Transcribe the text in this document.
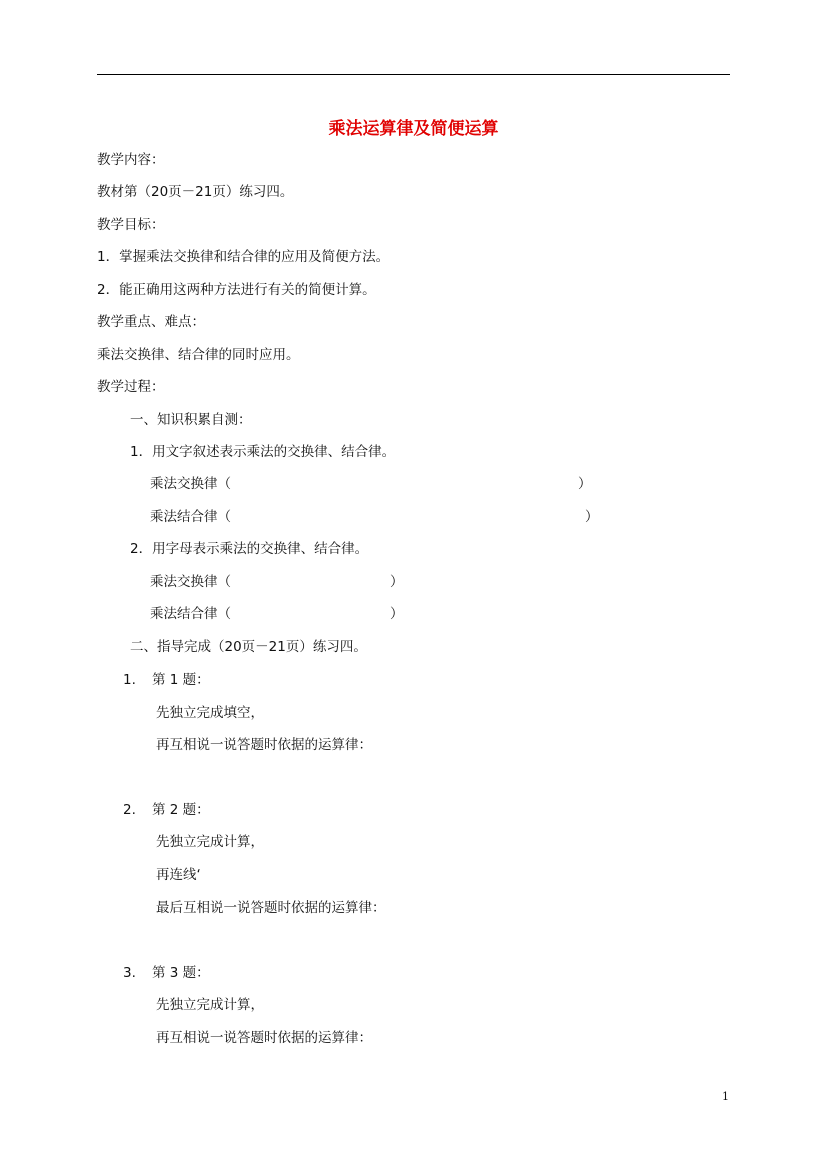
乘法运算律及简便运算
教学内容：
教材第（20页－21页）练习四。
教学目标：
1．掌握乘法交换律和结合律的应用及简便方法。
2．能正确用这两种方法进行有关的简便计算。
教学重点、难点：
乘法交换律、结合律的同时应用。
教学过程：
一、知识积累自测：
1．用文字叙述表示乘法的交换律、结合律。
乘法交换律（	）
乘法结合律（	）
2．用字母表示乘法的交换律、结合律。
乘法交换律（	）
乘法结合律（	）
二、指导完成（20页－21页）练习四。
1. 第 1 题：
先独立完成填空，
再互相说一说答题时依据的运算律：
2. 第 2 题：
先独立完成计算，
再连线‘
最后互相说一说答题时依据的运算律：
3. 第 3 题：
先独立完成计算，
再互相说一说答题时依据的运算律：
1
